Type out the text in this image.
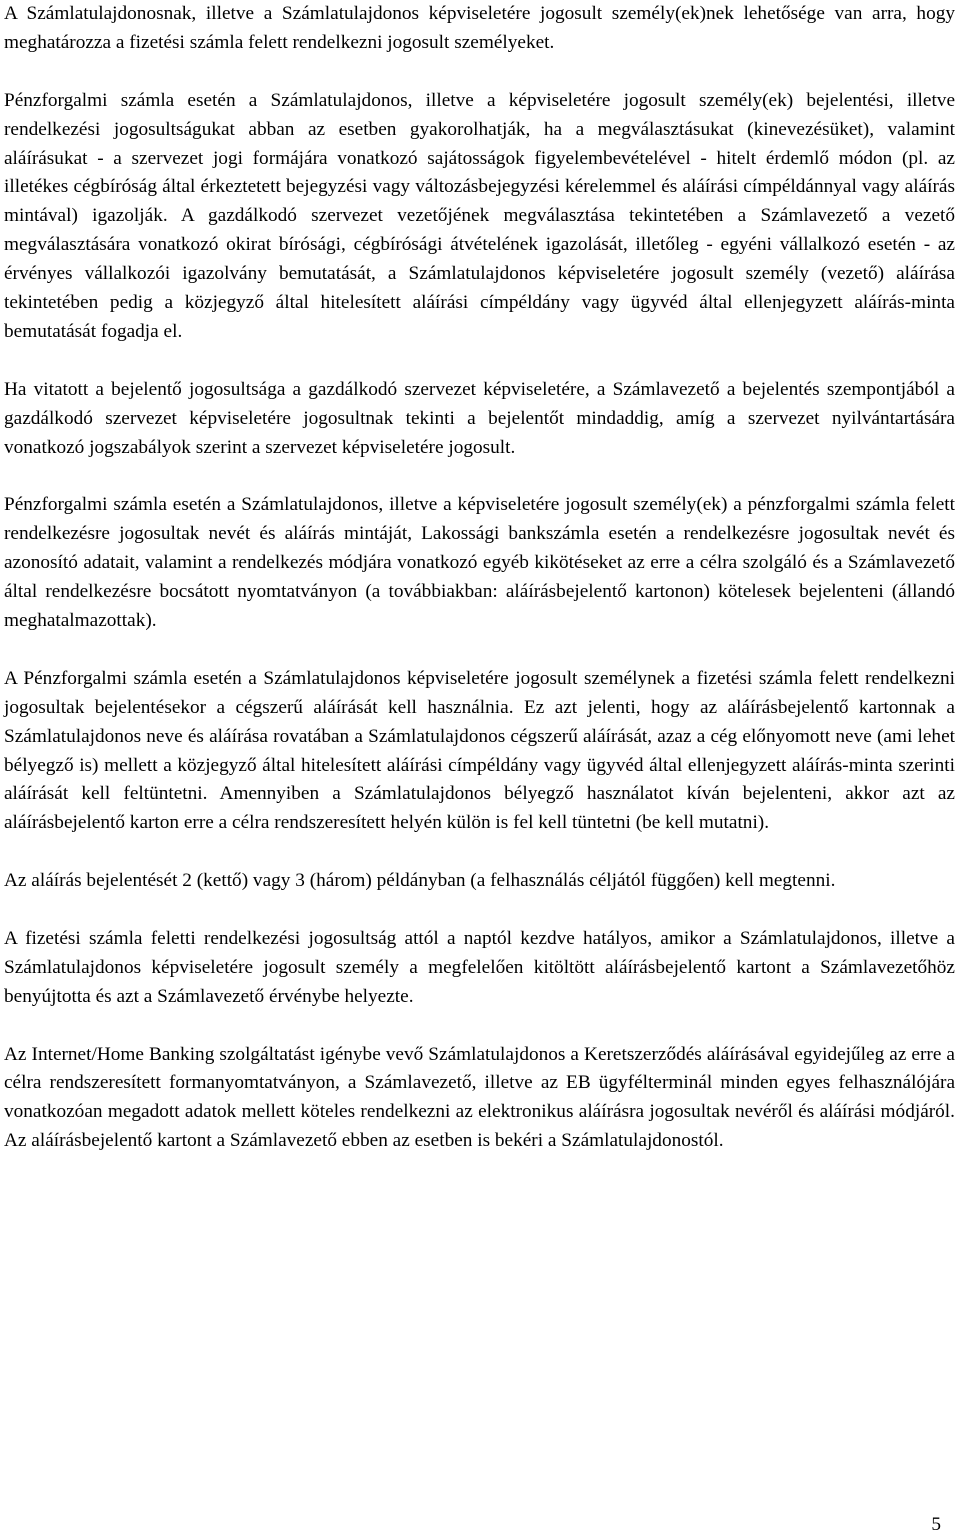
A Számlatulajdonosnak, illetve a Számlatulajdonos képviseletére jogosult személy(ek)nek lehetősége van arra, hogy meghatározza a fizetési számla felett rendelkezni jogosult személyeket.

Pénzforgalmi számla esetén a Számlatulajdonos, illetve a képviseletére jogosult személy(ek) bejelentési, illetve rendelkezési jogosultságukat abban az esetben gyakorolhatják, ha a megválasztásukat (kinevezésüket), valamint aláírásukat - a szervezet jogi formájára vonatkozó sajátosságok figyelembevételével - hitelt érdemlő módon (pl. az illetékes cégbíróság által érkeztetett bejegyzési vagy változásbejegyzési kérelemmel és aláírási címpéldánnyal vagy aláírás mintával) igazolják. A gazdálkodó szervezet vezetőjének megválasztása tekintetében a Számlavezető a vezető megválasztására vonatkozó okirat bírósági, cégbírósági átvételének igazolását, illetőleg - egyéni vállalkozó esetén - az érvényes vállalkozói igazolvány bemutatását, a Számlatulajdonos képviseletére jogosult személy (vezető) aláírása tekintetében pedig a közjegyző által hitelesített aláírási címpéldány vagy ügyvéd által ellenjegyzett aláírás-minta bemutatását fogadja el.

Ha vitatott a bejelentő jogosultsága a gazdálkodó szervezet képviseletére, a Számlavezető a bejelentés szempontjából a gazdálkodó szervezet képviseletére jogosultnak tekinti a bejelentőt mindaddig, amíg a szervezet nyilvántartására vonatkozó jogszabályok szerint a szervezet képviseletére jogosult.

Pénzforgalmi számla esetén a Számlatulajdonos, illetve a képviseletére jogosult személy(ek) a pénzforgalmi számla felett rendelkezésre jogosultak nevét és aláírás mintáját, Lakossági bankszámla esetén a rendelkezésre jogosultak nevét és azonosító adatait, valamint a rendelkezés módjára vonatkozó egyéb kikötéseket az erre a célra szolgáló és a Számlavezető által rendelkezésre bocsátott nyomtatványon (a továbbiakban: aláírásbejelentő kartonon) kötelesek bejelenteni (állandó meghatalmazottak).

A Pénzforgalmi számla esetén a Számlatulajdonos képviseletére jogosult személynek a fizetési számla felett rendelkezni jogosultak bejelentésekor a cégszerű aláírását kell használnia. Ez azt jelenti, hogy az aláírásbejelentő kartonnak a Számlatulajdonos neve és aláírása rovatában a Számlatulajdonos cégszerű aláírását, azaz a cég előnyomott neve (ami lehet bélyegző is) mellett a közjegyző által hitelesített aláírási címpéldány vagy ügyvéd által ellenjegyzett aláírás-minta szerinti aláírását kell feltüntetni. Amennyiben a Számlatulajdonos bélyegző használatot kíván bejelenteni, akkor azt az aláírásbejelentő karton erre a célra rendszeresített helyén külön is fel kell tüntetni (be kell mutatni).

Az aláírás bejelentését 2 (kettő) vagy 3 (három) példányban (a felhasználás céljától függően) kell megtenni.

A fizetési számla feletti rendelkezési jogosultság attól a naptól kezdve hatályos, amikor a Számlatulajdonos, illetve a Számlatulajdonos képviseletére jogosult személy a megfelelően kitöltött aláírásbejelentő kartont a Számlavezetőhöz benyújtotta és azt a Számlavezető érvénybe helyezte.

Az Internet/Home Banking szolgáltatást igénybe vevő Számlatulajdonos a Keretszerződés aláírásával egyidejűleg az erre a célra rendszeresített formanyomtatványon, a Számlavezető, illetve az EB ügyfélterminál minden egyes felhasználójára vonatkozóan megadott adatok mellett köteles rendelkezni az elektronikus aláírásra jogosultak nevéről és aláírási módjáról. Az aláírásbejelentő kartont a Számlavezető ebben az esetben is bekéri a Számlatulajdonostól.

5
